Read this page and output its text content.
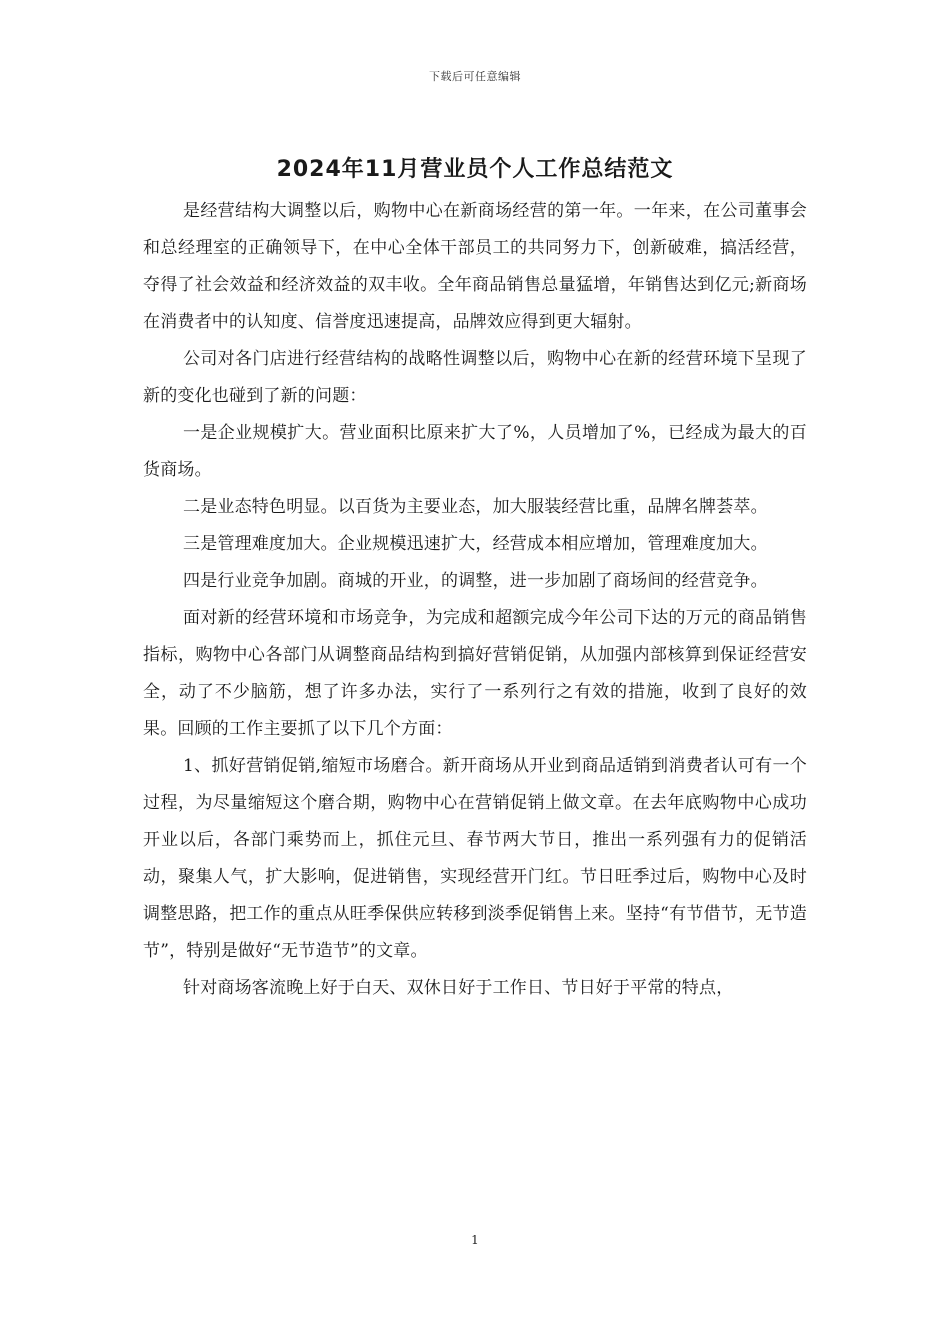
下载后可任意编辑
2024年11月营业员个人工作总结范文

是经营结构大调整以后，购物中心在新商场经营的第一年。一年来，在公司董事会和总经理室的正确领导下，在中心全体干部员工的共同努力下，创新破难，搞活经营，夺得了社会效益和经济效益的双丰收。全年商品销售总量猛增，年销售达到亿元;新商场在消费者中的认知度、信誉度迅速提高，品牌效应得到更大辐射。

公司对各门店进行经营结构的战略性调整以后，购物中心在新的经营环境下呈现了新的变化也碰到了新的问题：

一是企业规模扩大。营业面积比原来扩大了%，人员增加了%，已经成为最大的百货商场。

二是业态特色明显。以百货为主要业态，加大服装经营比重，品牌名牌荟萃。

三是管理难度加大。企业规模迅速扩大，经营成本相应增加，管理难度加大。

四是行业竞争加剧。商城的开业，的调整，进一步加剧了商场间的经营竞争。

面对新的经营环境和市场竞争，为完成和超额完成今年公司下达的万元的商品销售指标，购物中心各部门从调整商品结构到搞好营销促销，从加强内部核算到保证经营安全，动了不少脑筋，想了许多办法，实行了一系列行之有效的措施，收到了良好的效果。回顾的工作主要抓了以下几个方面：

1、抓好营销促销,缩短市场磨合。新开商场从开业到商品适销到消费者认可有一个过程，为尽量缩短这个磨合期，购物中心在营销促销上做文章。在去年底购物中心成功开业以后，各部门乘势而上，抓住元旦、春节两大节日，推出一系列强有力的促销活动，聚集人气，扩大影响，促进销售，实现经营开门红。节日旺季过后，购物中心及时调整思路，把工作的重点从旺季保供应转移到淡季促销售上来。坚持“有节借节，无节造节”，特别是做好“无节造节”的文章。

针对商场客流晚上好于白天、双休日好于工作日、节日好于平常的特点，

1
